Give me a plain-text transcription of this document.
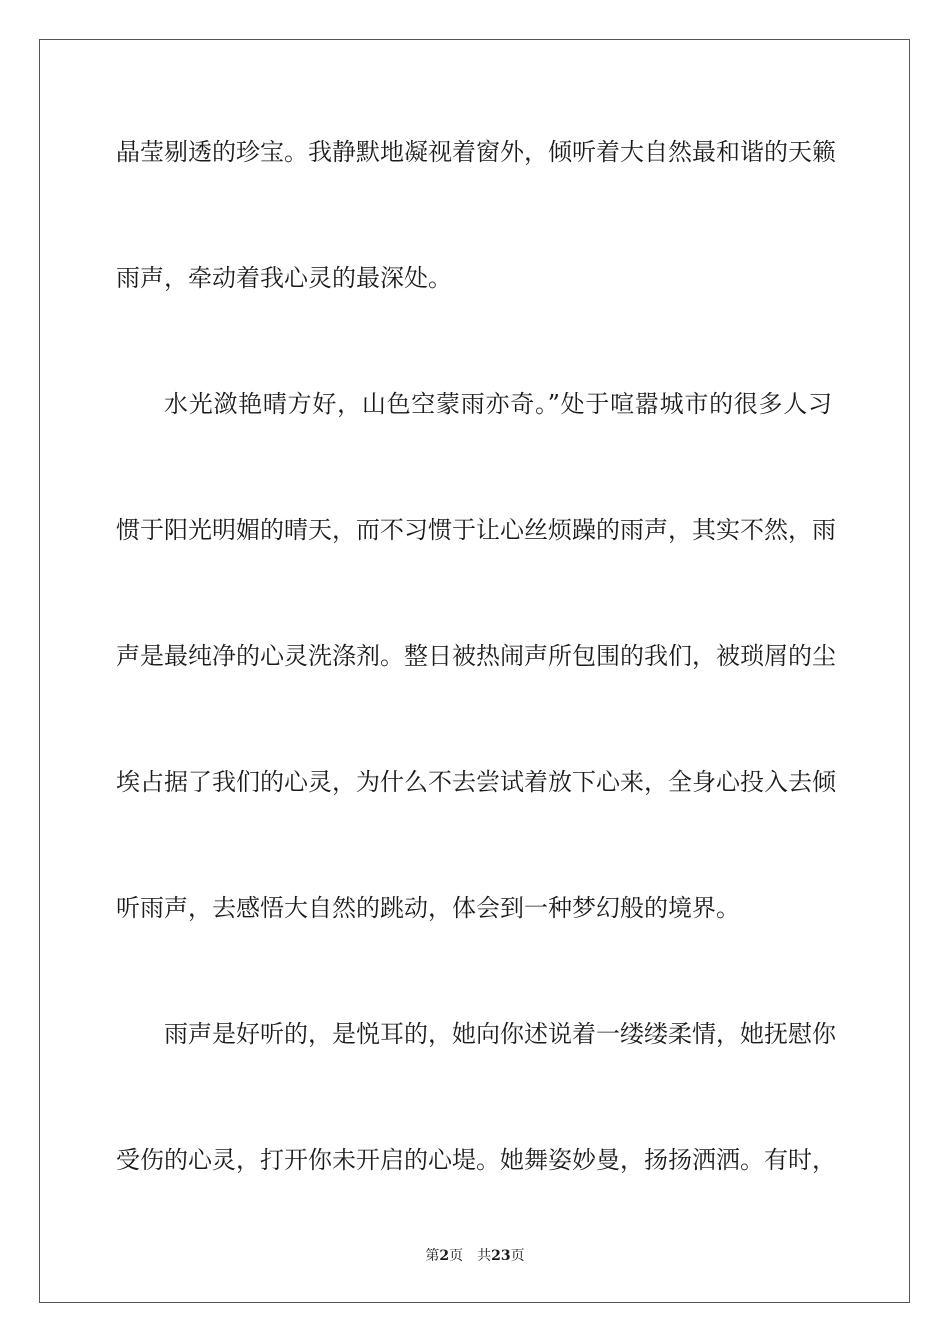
晶莹剔透的珍宝。我静默地凝视着窗外，倾听着大自然最和谐的天籁
雨声，牵动着我心灵的最深处。
水光潋艳晴方好，山色空蒙雨亦奇。”处于喧嚣城市的很多人习
惯于阳光明媚的晴天，而不习惯于让心丝烦躁的雨声，其实不然，雨
声是最纯净的心灵洗涤剂。整日被热闹声所包围的我们，被琐屑的尘
埃占据了我们的心灵，为什么不去尝试着放下心来，全身心投入去倾
听雨声，去感悟大自然的跳动，体会到一种梦幻般的境界。
雨声是好听的，是悦耳的，她向你述说着一缕缕柔情，她抚慰你
受伤的心灵，打开你未开启的心堤。她舞姿妙曼，扬扬洒洒。有时，
第2页 共23页
